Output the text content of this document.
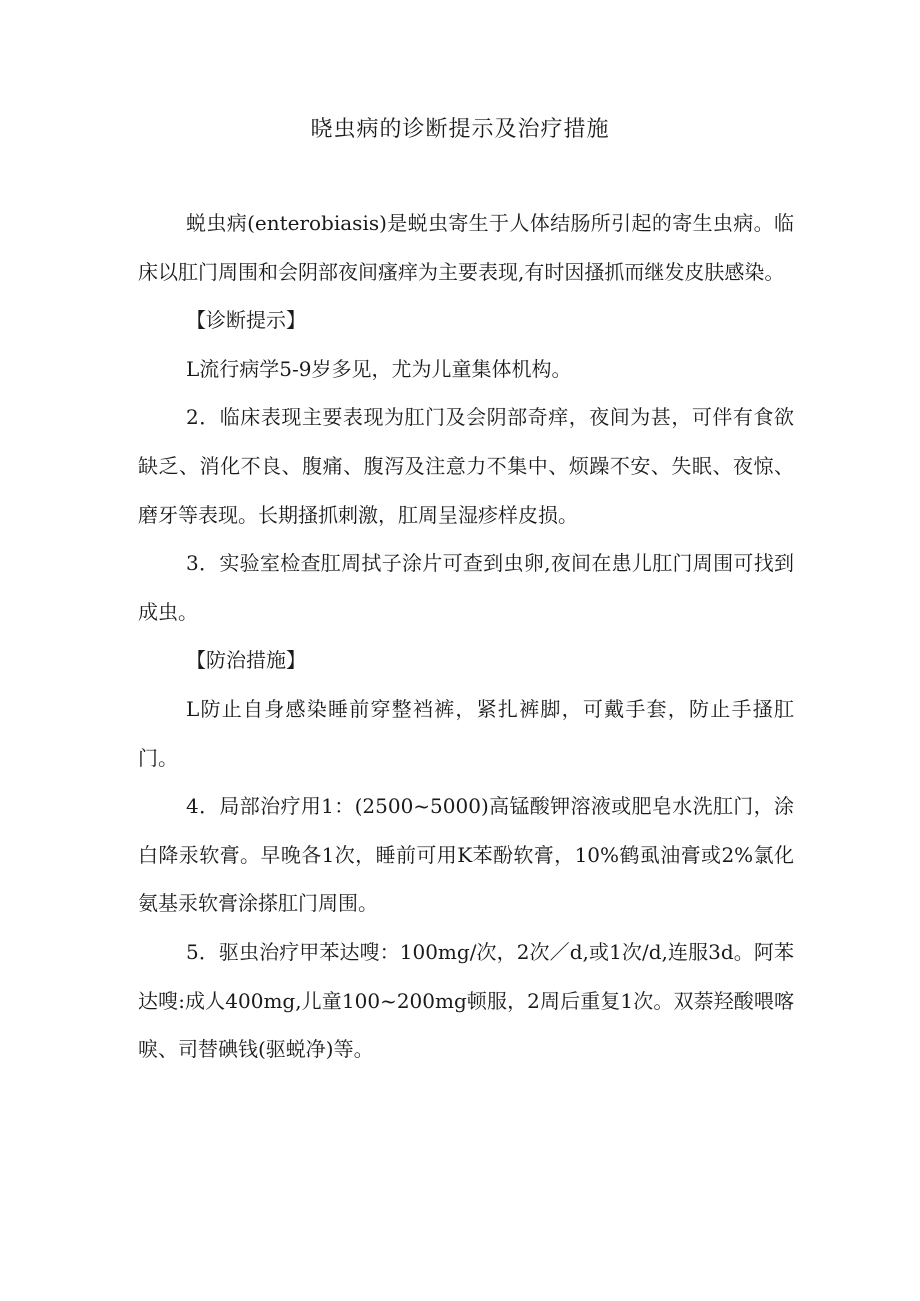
晓虫病的诊断提示及治疗措施

蜕虫病(enterobiasis)是蜕虫寄生于人体结肠所引起的寄生虫病。临床以肛门周围和会阴部夜间瘙痒为主要表现,有时因搔抓而继发皮肤感染。

【诊断提示】

L流行病学5-9岁多见，尤为儿童集体机构。

2．临床表现主要表现为肛门及会阴部奇痒，夜间为甚，可伴有食欲缺乏、消化不良、腹痛、腹泻及注意力不集中、烦躁不安、失眠、夜惊、磨牙等表现。长期搔抓刺激，肛周呈湿疹样皮损。

3．实验室检查肛周拭子涂片可查到虫卵,夜间在患儿肛门周围可找到成虫。

【防治措施】

L防止自身感染睡前穿整裆裤，紧扎裤脚，可戴手套，防止手搔肛门。

4．局部治疗用1：(2500~5000)高锰酸钾溶液或肥皂水洗肛门，涂白降汞软膏。早晚各1次，睡前可用K苯酚软膏，10%鹤虱油膏或2%氯化氨基汞软膏涂搽肛门周围。

5．驱虫治疗甲苯达嗖：100mg/次，2次／d,或1次/d,连服3d。阿苯达嗖:成人400mg,儿童100~200mg顿服，2周后重复1次。双萘羟酸喂喀唳、司替碘钱(驱蜕净)等。
